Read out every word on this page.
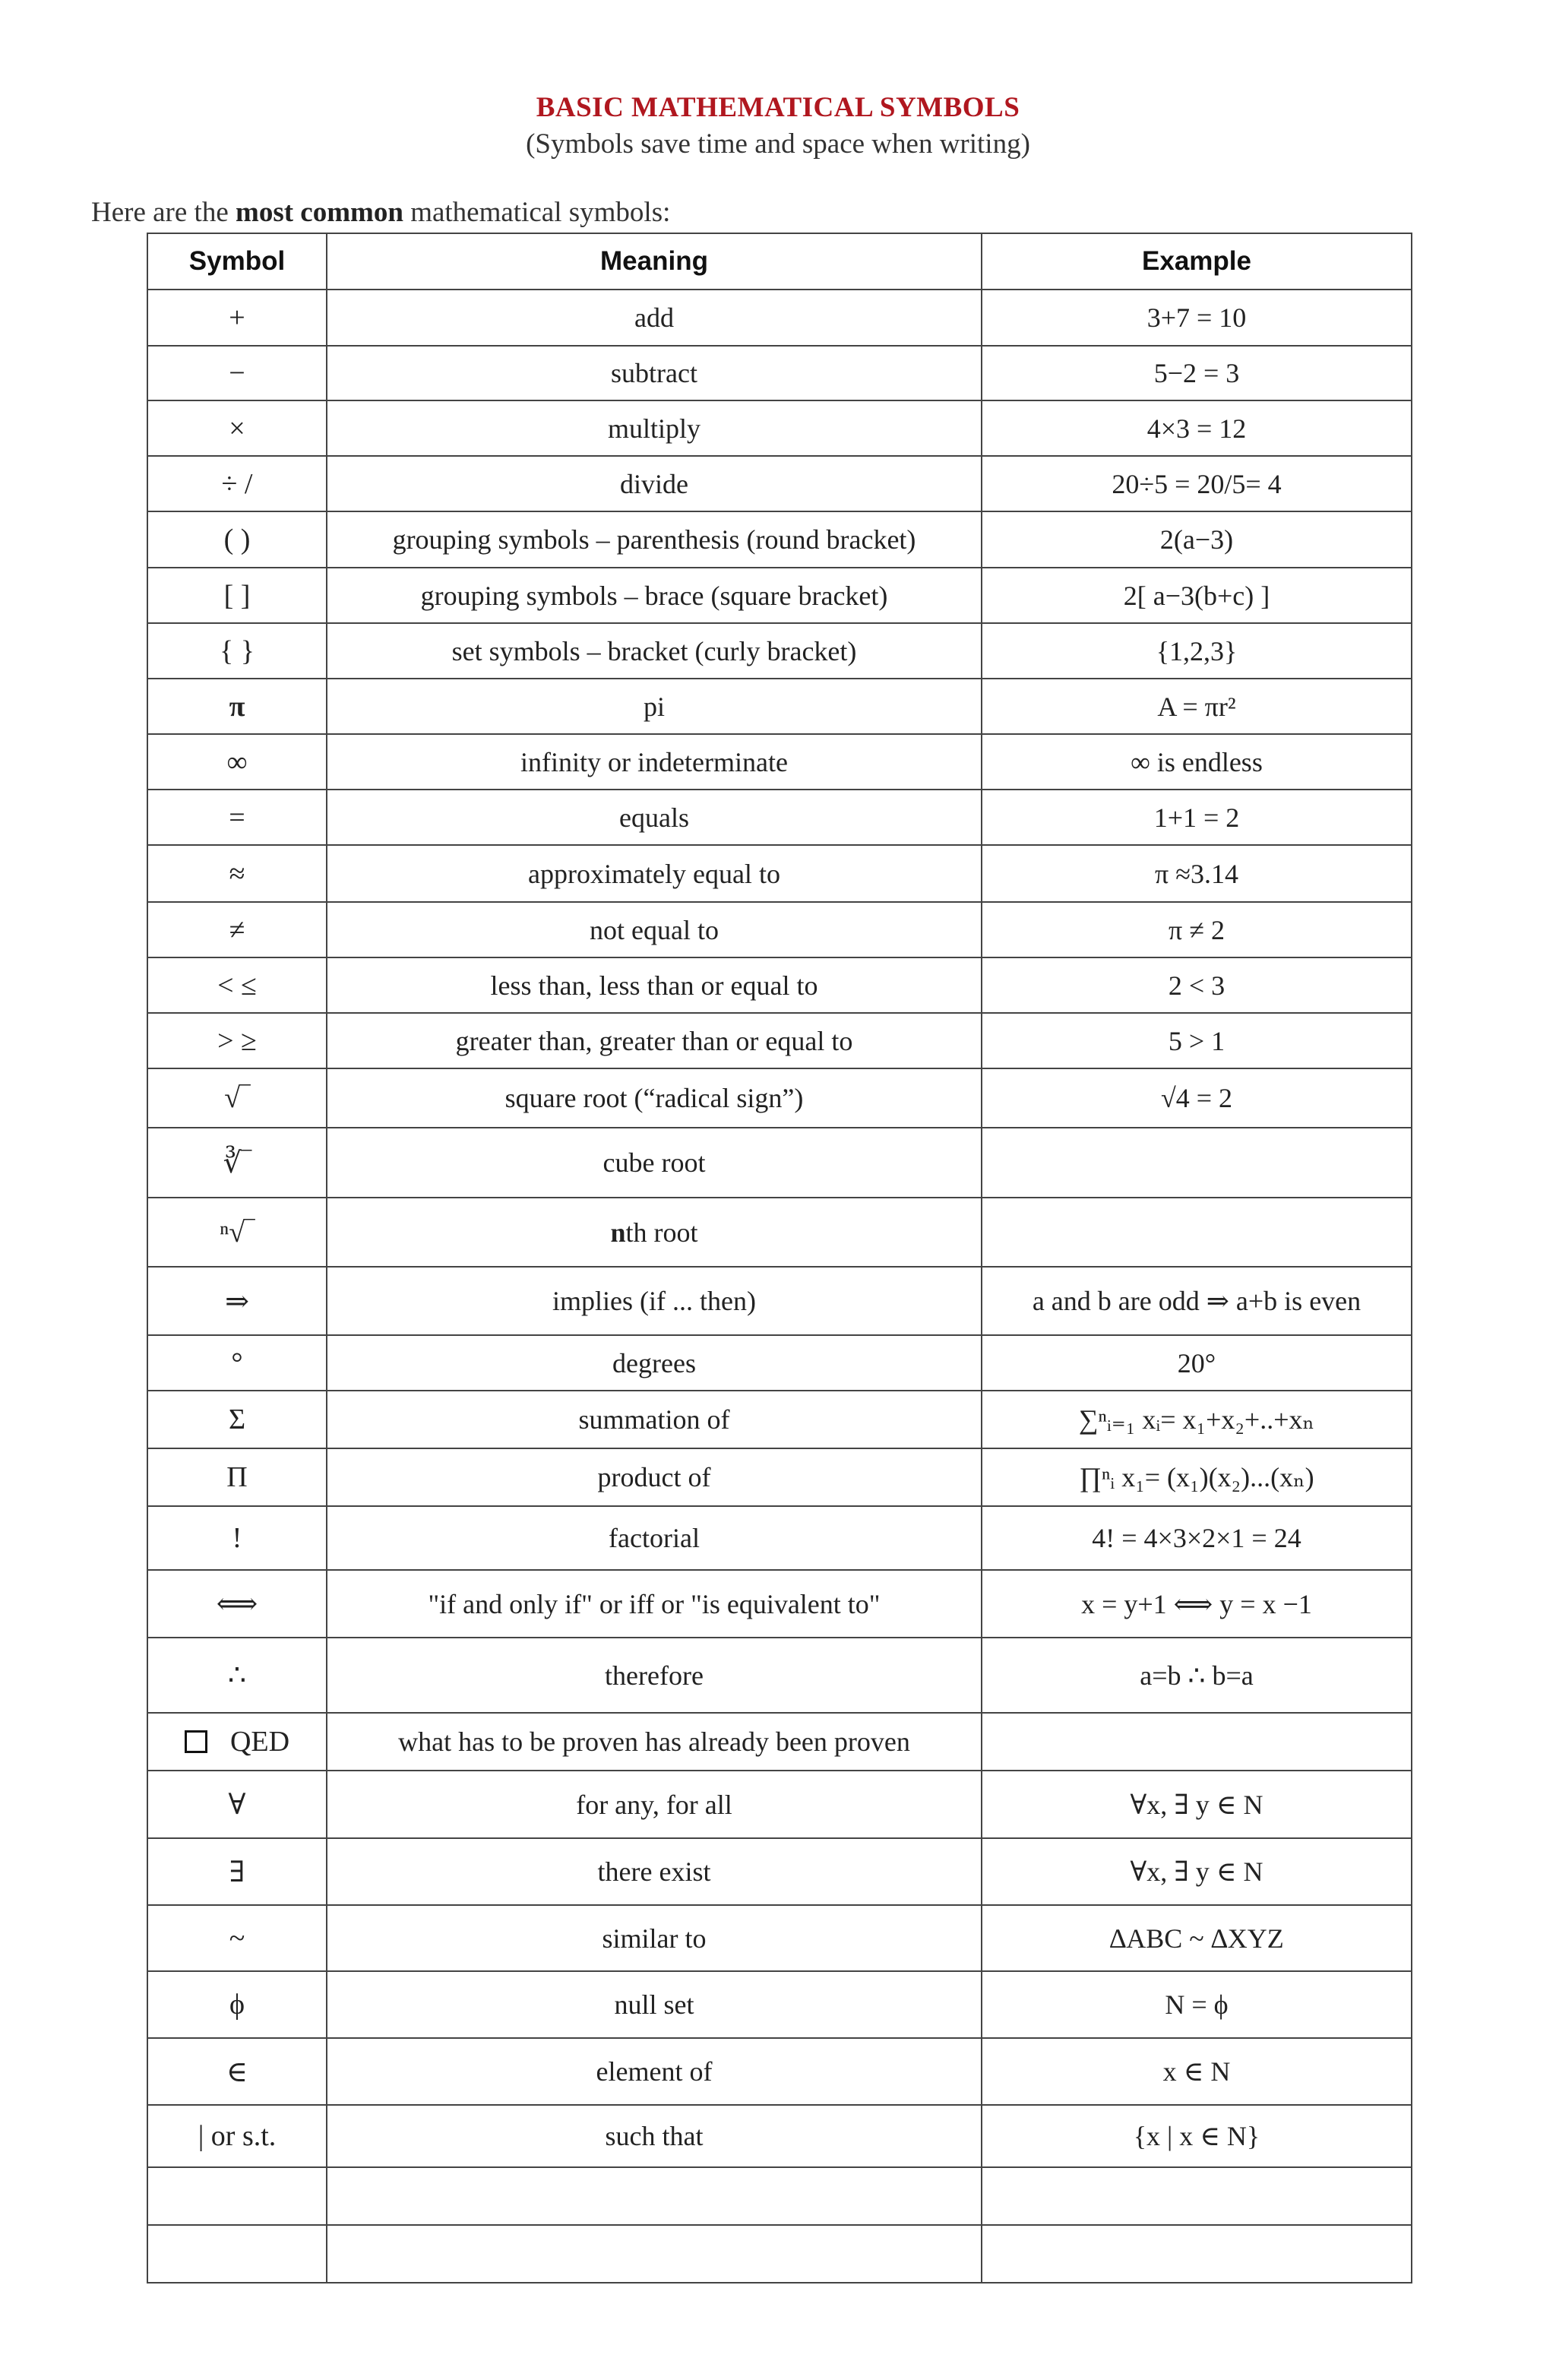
BASIC MATHEMATICAL SYMBOLS
(Symbols save time and space when writing)
Here are the most common mathematical symbols:
Symbol	Meaning	Example
+	add	3+7 = 10
−	subtract	5−2 = 3
×	multiply	4×3 = 12
÷ /	divide	20÷5 = 20/5= 4
( )	grouping symbols – parenthesis (round bracket)	2(a−3)
[ ]	grouping symbols – brace (square bracket)	2[ a−3(b+c) ]
{ }	set symbols – bracket (curly bracket)	{1,2,3}
π	pi	A = πr²
∞	infinity or indeterminate	∞ is endless
=	equals	1+1 = 2
≈	approximately equal to	π ≈3.14
≠	not equal to	π ≠ 2
< ≤	less than, less than or equal to	2 < 3
> ≥	greater than, greater than or equal to	5 > 1
√‾	square root (“radical sign”)	√4 = 2
∛‾	cube root	
ⁿ√‾	nth root	
⇒	implies (if ... then)	a and b are odd ⇒ a+b is even
°	degrees	20°
Σ	summation of	∑ⁿᵢ₌₁ xᵢ= x₁+x₂+..+xₙ
Π	product of	∏ⁿᵢ x₁= (x₁)(x₂)...(xₙ)
!	factorial	4! = 4×3×2×1 = 24
⟺	"if and only if" or iff or "is equivalent to"	x = y+1 ⟺ y = x −1
∴	therefore	a=b ∴ b=a
QED	what has to be proven has already been proven	
∀	for any, for all	∀x, ∃ y ∈ N
∃	there exist	∀x, ∃ y ∈ N
~	similar to	∆ABC ~ ∆XYZ
ϕ	null set	N = ϕ
∈	element of	x ∈ N
| or s.t.	such that	{x | x ∈ N}
